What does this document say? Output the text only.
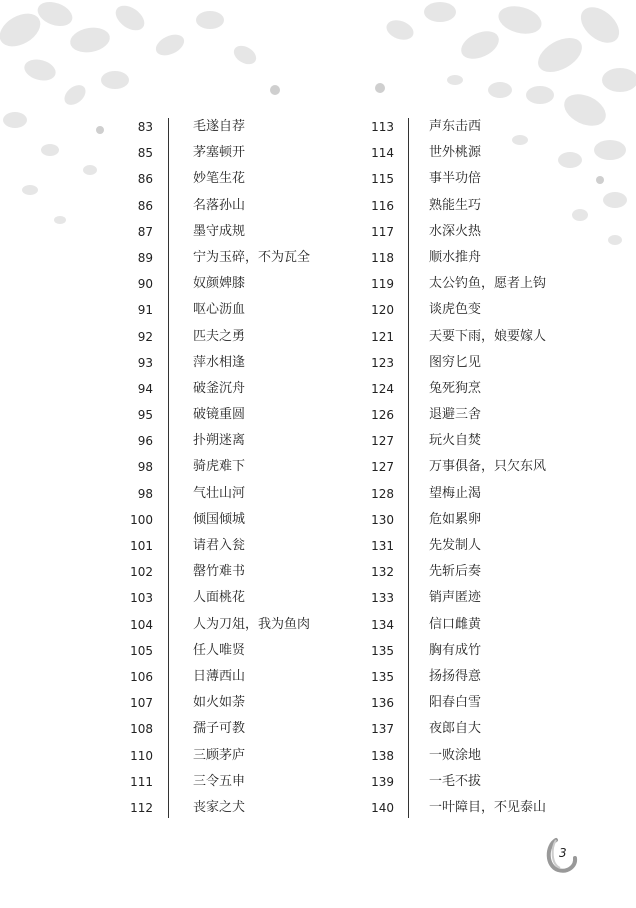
83	毛遂自荐
85	茅塞顿开
86	妙笔生花
86	名落孙山
87	墨守成规
89	宁为玉碎，不为瓦全
90	奴颜婢膝
91	呕心沥血
92	匹夫之勇
93	萍水相逢
94	破釜沉舟
95	破镜重圆
96	扑朔迷离
98	骑虎难下
98	气壮山河
100	倾国倾城
101	请君入瓮
102	罄竹难书
103	人面桃花
104	人为刀俎，我为鱼肉
105	任人唯贤
106	日薄西山
107	如火如荼
108	孺子可教
110	三顾茅庐
111	三令五申
112	丧家之犬
113	声东击西
114	世外桃源
115	事半功倍
116	熟能生巧
117	水深火热
118	顺水推舟
119	太公钓鱼，愿者上钩
120	谈虎色变
121	天要下雨，娘要嫁人
123	图穷匕见
124	兔死狗烹
126	退避三舍
127	玩火自焚
127	万事俱备，只欠东风
128	望梅止渴
130	危如累卵
131	先发制人
132	先斩后奏
133	销声匿迹
134	信口雌黄
135	胸有成竹
135	扬扬得意
136	阳春白雪
137	夜郎自大
138	一败涂地
139	一毛不拔
140	一叶障目，不见泰山
3
